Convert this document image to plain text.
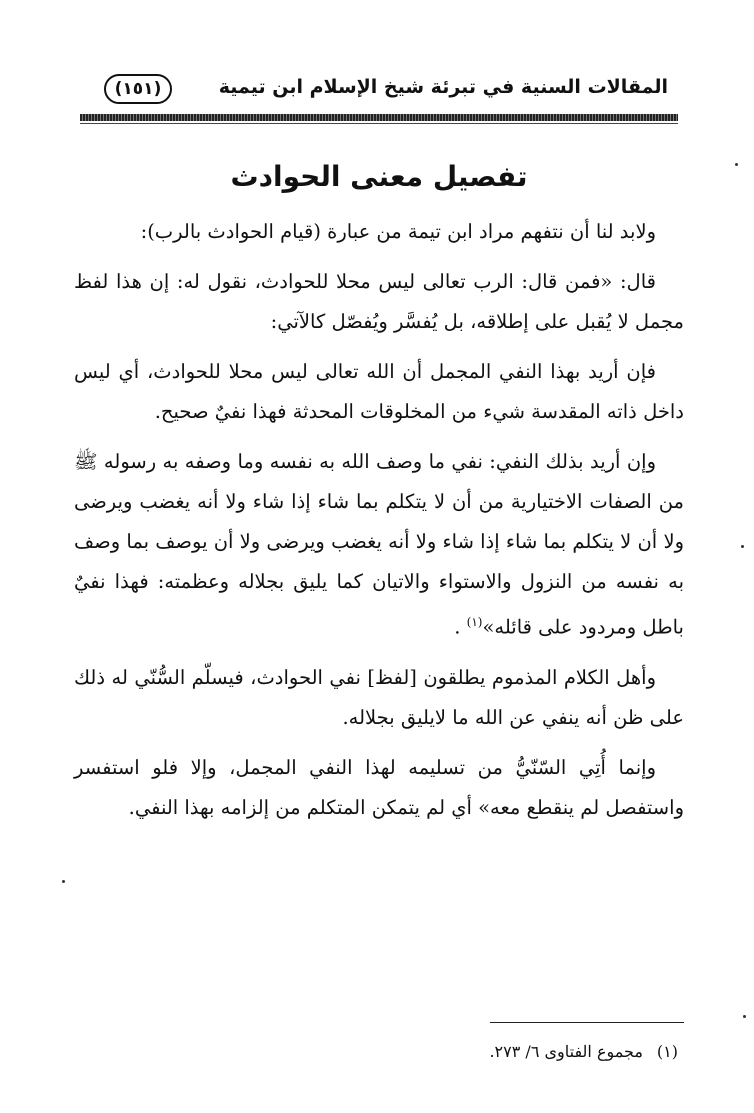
المقالات السنية في تبرئة شيخ الإسلام ابن تيمية
(١٥١)
تفصيل معنى الحوادث

ولابد لنا أن نتفهم مراد ابن تيمة من عبارة (قيام الحوادث بالرب):

قال: «فمن قال: الرب تعالى ليس محلا للحوادث، نقول له: إن هذا لفظ مجمل لا يُقبل على إطلاقه، بل يُفسَّر ويُفصّل كالآتي:

فإن أريد بهذا النفي المجمل أن الله تعالى ليس محلا للحوادث، أي ليس داخل ذاته المقدسة شيء من المخلوقات المحدثة فهذا نفيٌ صحيح.

وإن أريد بذلك النفي: نفي ما وصف الله به نفسه وما وصفه به رسوله ﷺ من الصفات الاختيارية من أن لا يتكلم بما شاء إذا شاء ولا أنه يغضب ويرضى ولا أن لا يتكلم بما شاء إذا شاء ولا أنه يغضب ويرضى ولا أن يوصف بما وصف به نفسه من النزول والاستواء والاتيان كما يليق بجلاله وعظمته: فهذا نفيٌ باطل ومردود على قائله»$^{(١)}$ .

وأهل الكلام المذموم يطلقون [لفظ] نفي الحوادث، فيسلّم السُّنّي له ذلك على ظن أنه ينفي عن الله ما لايليق بجلاله.

وإنما أُتِي السّنّيُّ من تسليمه لهذا النفي المجمل، وإلا فلو استفسر واستفصل لم ينقطع معه» أي لم يتمكن المتكلم من إلزامه بهذا النفي.

(١)مجموع الفتاوى ٦/ ٢٧٣.
